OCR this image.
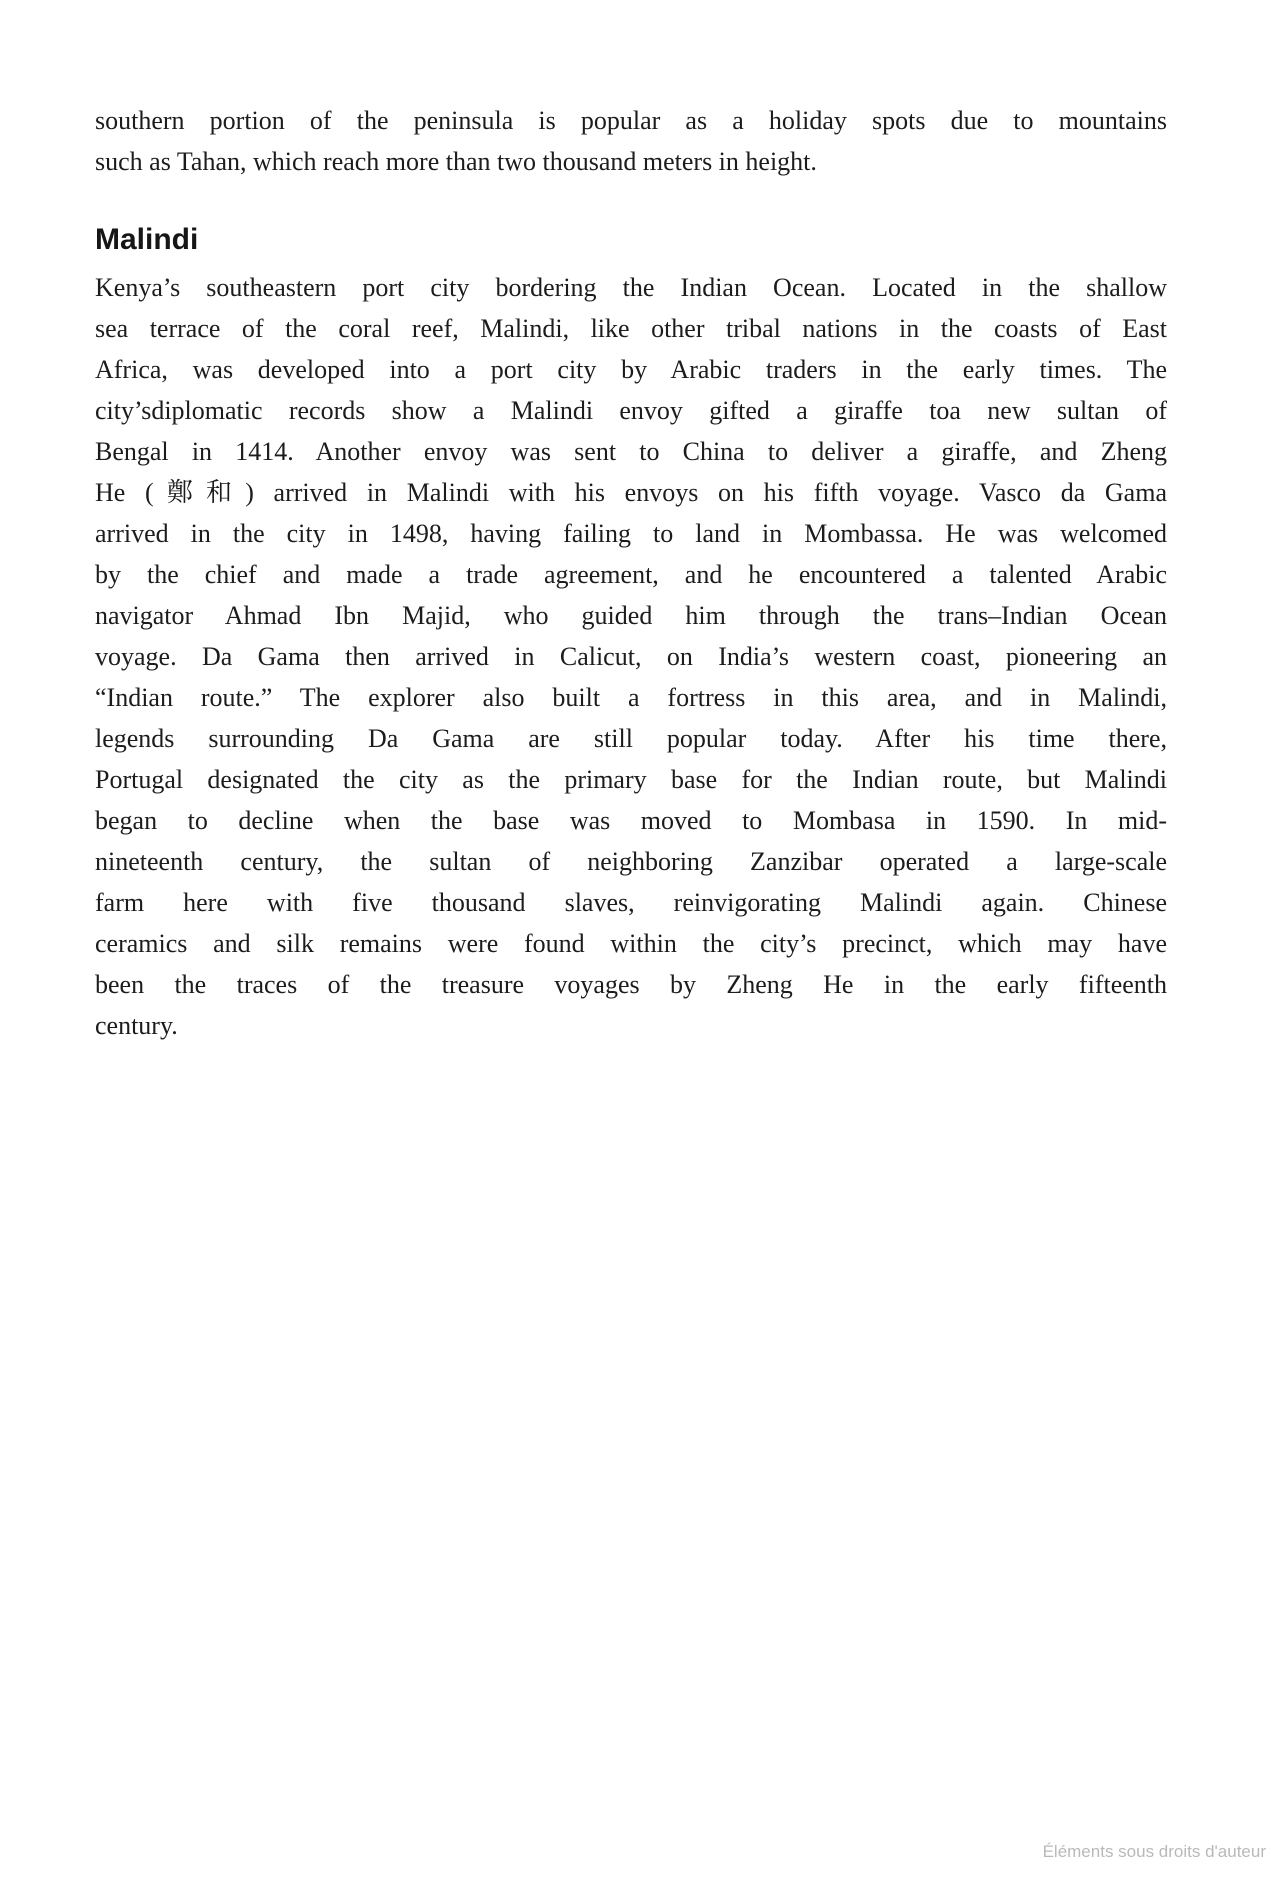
southern portion of the peninsula is popular as a holiday spots due to mountains
such as Tahan, which reach more than two thousand meters in height.
Malindi
Kenya’s southeastern port city bordering the Indian Ocean. Located in the shallow
sea terrace of the coral reef, Malindi, like other tribal nations in the coasts of East
Africa, was developed into a port city by Arabic traders in the early times. The
city’sdiplomatic records show a Malindi envoy gifted a giraffe toa new sultan of
Bengal in 1414. Another envoy was sent to China to deliver a giraffe, and Zheng
He (鄭和) arrived in Malindi with his envoys on his fifth voyage. Vasco da Gama
arrived in the city in 1498, having failing to land in Mombassa. He was welcomed
by the chief and made a trade agreement, and he encountered a talented Arabic
navigator Ahmad Ibn Majid, who guided him through the trans–Indian Ocean
voyage. Da Gama then arrived in Calicut, on India’s western coast, pioneering an
“Indian route.” The explorer also built a fortress in this area, and in Malindi,
legends surrounding Da Gama are still popular today. After his time there,
Portugal designated the city as the primary base for the Indian route, but Malindi
began to decline when the base was moved to Mombasa in 1590. In mid-
nineteenth century, the sultan of neighboring Zanzibar operated a large-scale
farm here with five thousand slaves, reinvigorating Malindi again. Chinese
ceramics and silk remains were found within the city’s precinct, which may have
been the traces of the treasure voyages by Zheng He in the early fifteenth
century.
Éléments sous droits d'auteur
